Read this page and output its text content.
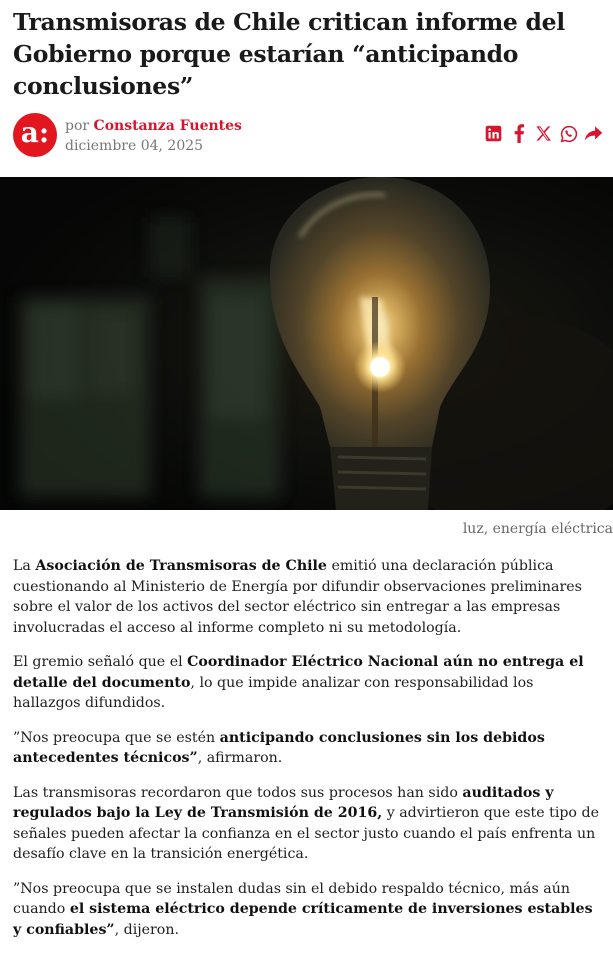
Transmisoras de Chile critican informe del Gobierno porque estarían “anticipando conclusiones”
a: por Constanza Fuentes
diciembre 04, 2025
luz, energía eléctrica

La Asociación de Transmisoras de Chile emitió una declaración pública cuestionando al Ministerio de Energía por difundir observaciones preliminares sobre el valor de los activos del sector eléctrico sin entregar a las empresas involucradas el acceso al informe completo ni su metodología.

El gremio señaló que el Coordinador Eléctrico Nacional aún no entrega el detalle del documento, lo que impide analizar con responsabilidad los hallazgos difundidos.

”Nos preocupa que se estén anticipando conclusiones sin los debidos antecedentes técnicos”, afirmaron.

Las transmisoras recordaron que todos sus procesos han sido auditados y regulados bajo la Ley de Transmisión de 2016, y advirtieron que este tipo de señales pueden afectar la confianza en el sector justo cuando el país enfrenta un desafío clave en la transición energética.

”Nos preocupa que se instalen dudas sin el debido respaldo técnico, más aún cuando el sistema eléctrico depende críticamente de inversiones estables y confiables”, dijeron.
